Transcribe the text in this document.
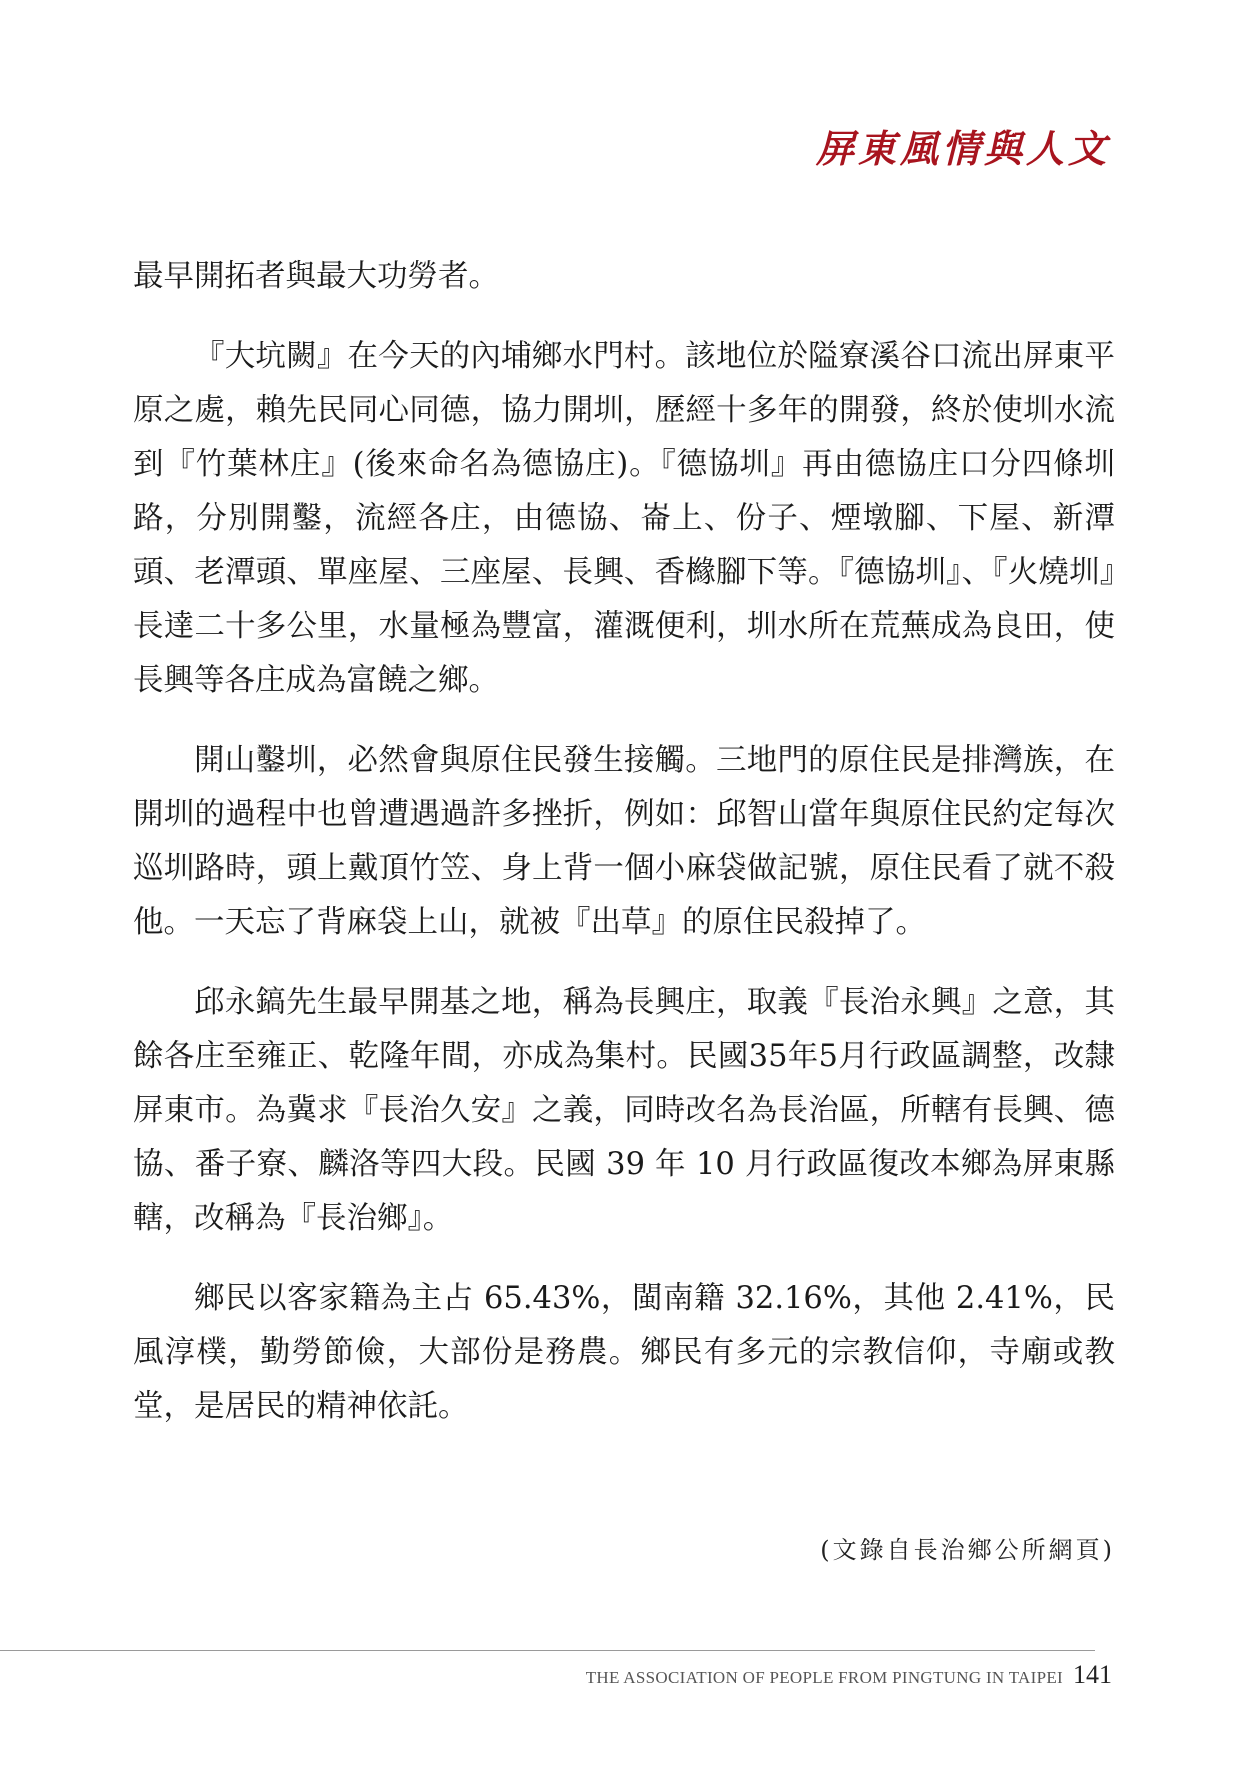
屏東風情與人文

最早開拓者與最大功勞者。

『大坑闕』在今天的內埔鄉水門村。該地位於隘寮溪谷口流出屏東平原之處，賴先民同心同德，協力開圳，歷經十多年的開發，終於使圳水流到『竹葉林庄』(後來命名為德協庄)。『德協圳』再由德協庄口分四條圳路，分別開鑿，流經各庄，由德協、崙上、份子、煙墩腳、下屋、新潭頭、老潭頭、單座屋、三座屋、長興、香櫞腳下等。『德協圳』、『火燒圳』長達二十多公里，水量極為豐富，灌溉便利，圳水所在荒蕪成為良田，使長興等各庄成為富饒之鄉。

開山鑿圳，必然會與原住民發生接觸。三地門的原住民是排灣族，在開圳的過程中也曾遭遇過許多挫折，例如：邱智山當年與原住民約定每次巡圳路時，頭上戴頂竹笠、身上背一個小麻袋做記號，原住民看了就不殺他。一天忘了背麻袋上山，就被『出草』的原住民殺掉了。

邱永鎬先生最早開基之地，稱為長興庄，取義『長治永興』之意，其餘各庄至雍正、乾隆年間，亦成為集村。民國35年5月行政區調整，改隸屏東市。為冀求『長治久安』之義，同時改名為長治區，所轄有長興、德協、番子寮、麟洛等四大段。民國 39 年 10 月行政區復改本鄉為屏東縣轄，改稱為『長治鄉』。

鄉民以客家籍為主占 65.43%，閩南籍 32.16%，其他 2.41%，民風淳樸，勤勞節儉，大部份是務農。鄉民有多元的宗教信仰，寺廟或教堂，是居民的精神依託。

(文錄自長治鄉公所網頁)
THE ASSOCIATION OF PEOPLE FROM PINGTUNG IN TAIPEI 141
